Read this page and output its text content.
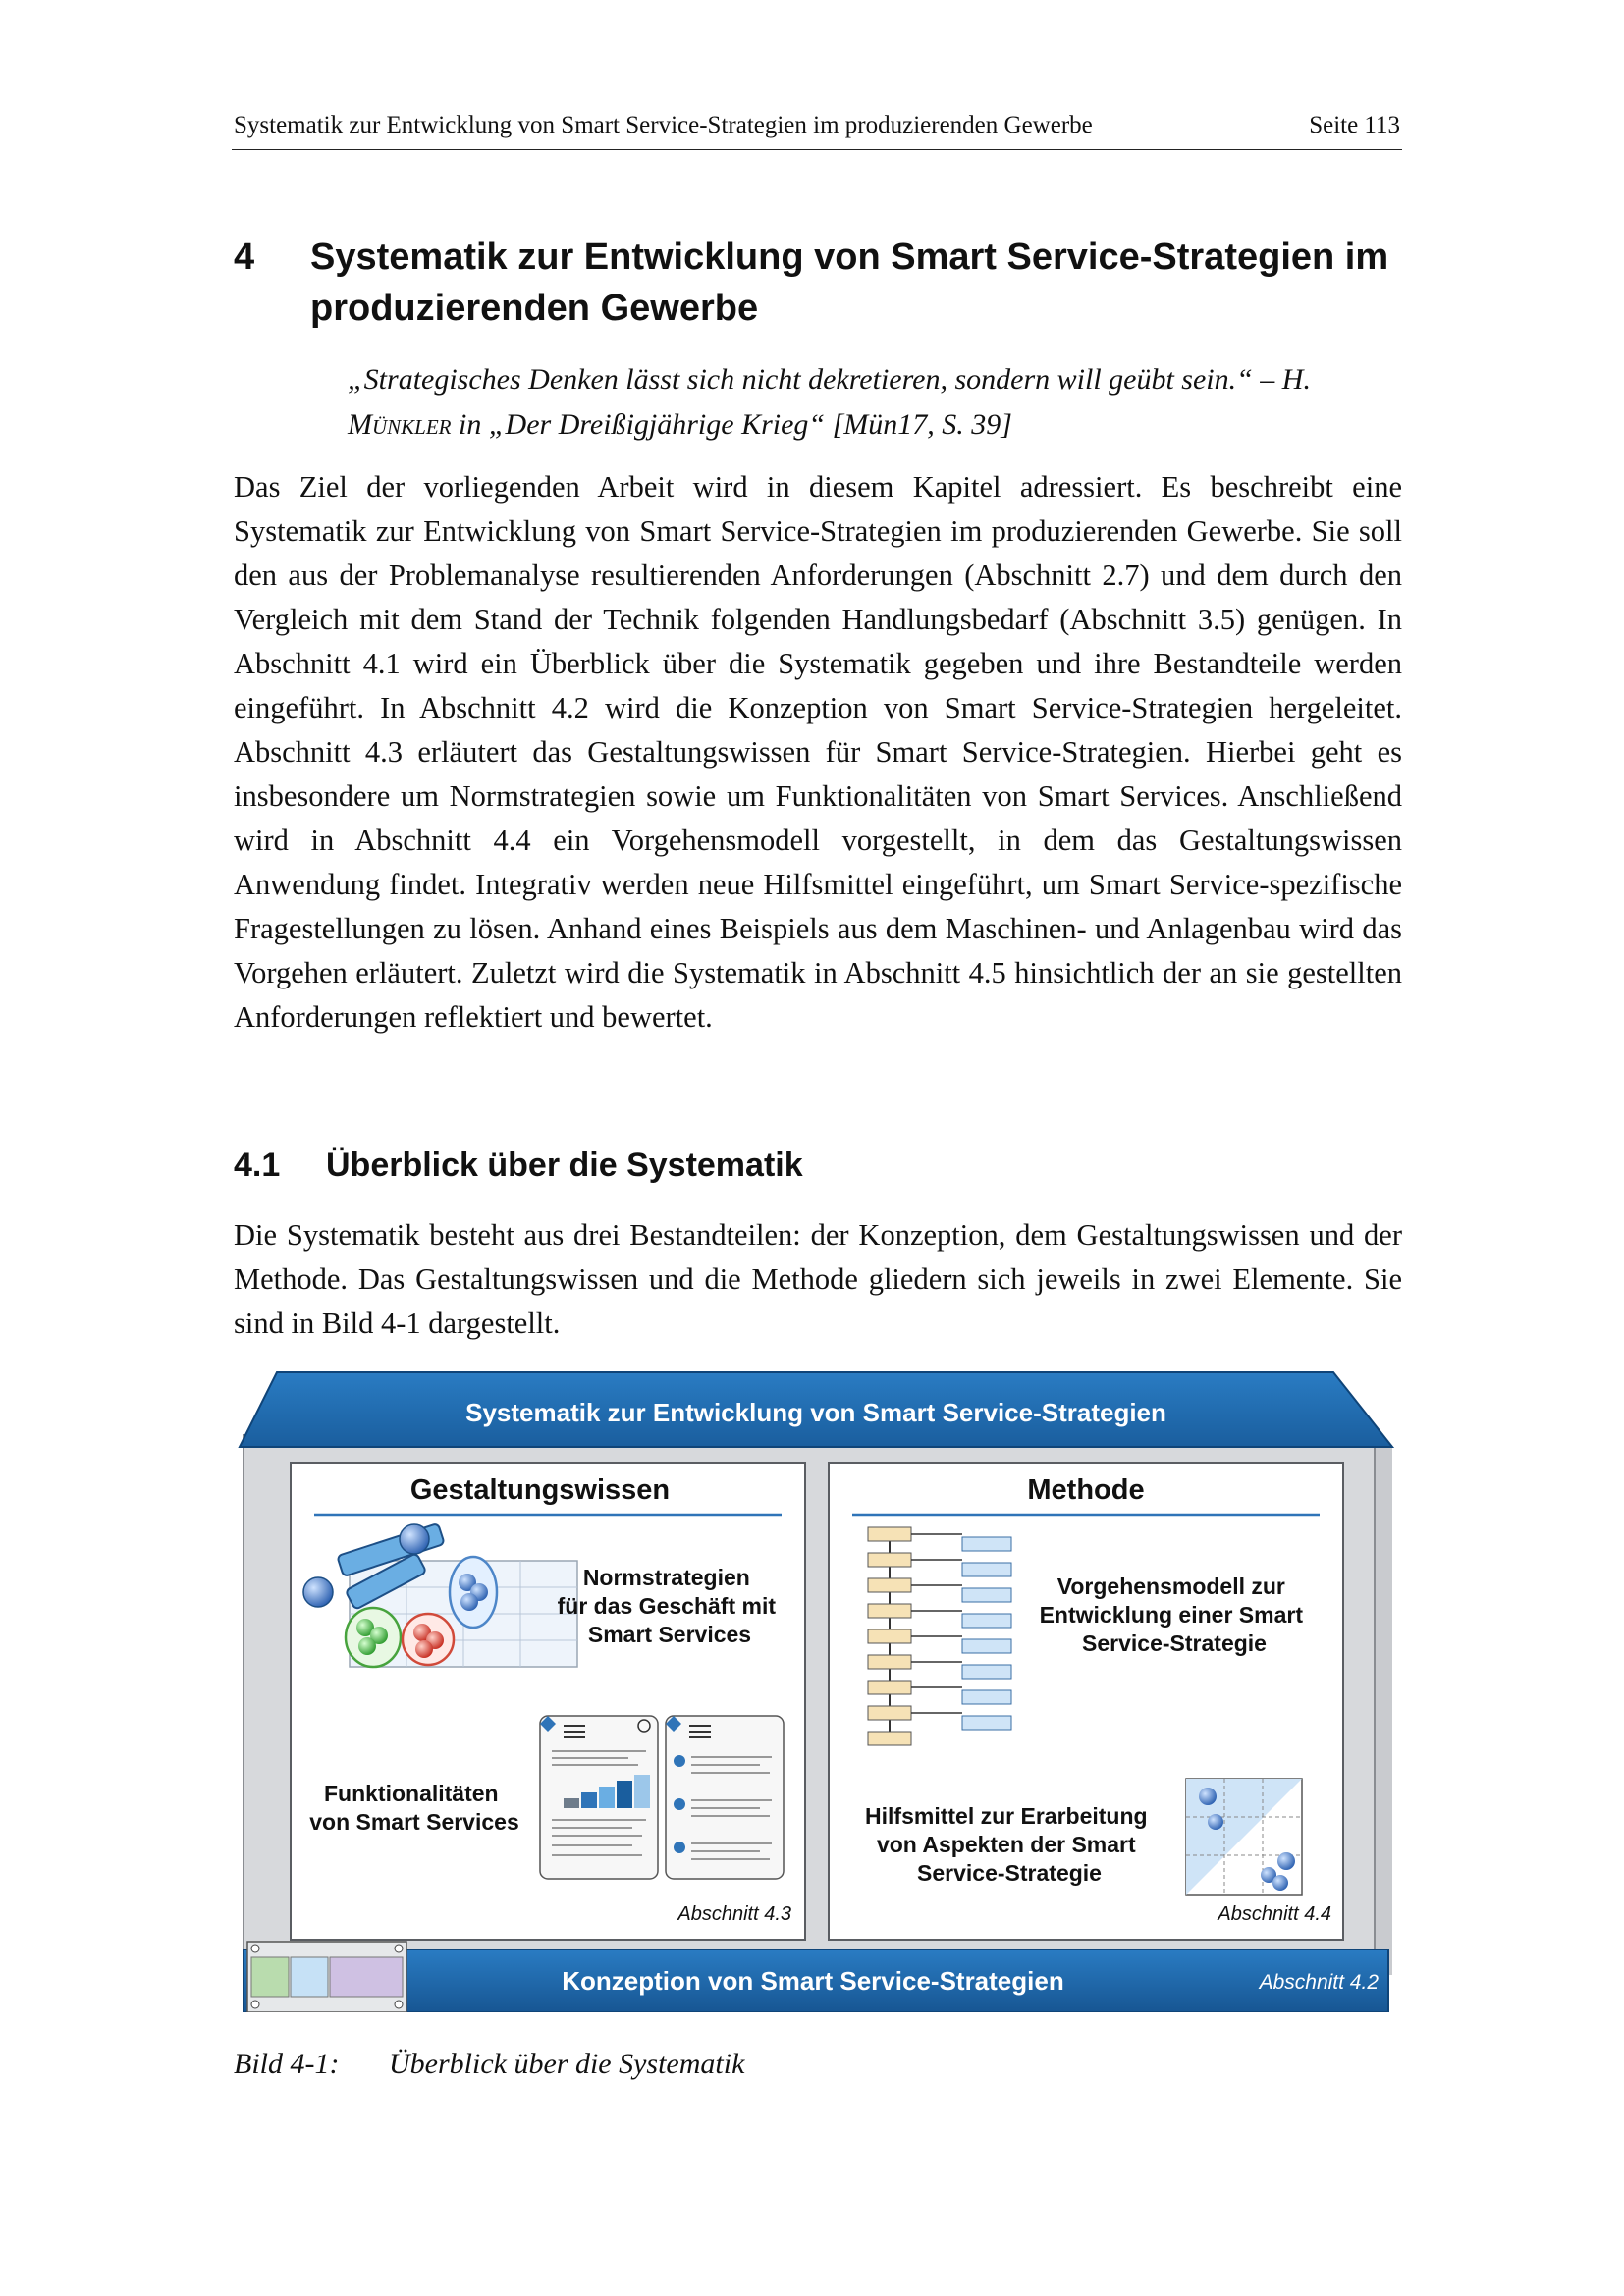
Systematik zur Entwicklung von Smart Service-Strategien im produzierenden Gewerbe	Seite 113
4 Systematik zur Entwicklung von Smart Service-Strategien im produzierenden Gewerbe
„Strategisches Denken lässt sich nicht dekretieren, sondern will geübt sein.“ – H. Münkler in „Der Dreißigjährige Krieg“ [Mün17, S. 39]

Das Ziel der vorliegenden Arbeit wird in diesem Kapitel adressiert. Es beschreibt eine Systematik zur Entwicklung von Smart Service-Strategien im produzierenden Gewerbe. Sie soll den aus der Problemanalyse resultierenden Anforderungen (Abschnitt 2.7) und dem durch den Vergleich mit dem Stand der Technik folgenden Handlungsbedarf (Abschnitt 3.5) genügen. In Abschnitt 4.1 wird ein Überblick über die Systematik gegeben und ihre Bestandteile werden eingeführt. In Abschnitt 4.2 wird die Konzeption von Smart Service-Strategien hergeleitet. Abschnitt 4.3 erläutert das Gestaltungswissen für Smart Service-Strategien. Hierbei geht es insbesondere um Normstrategien sowie um Funktionalitäten von Smart Services. Anschließend wird in Abschnitt 4.4 ein Vorgehensmodell vorgestellt, in dem das Gestaltungswissen Anwendung findet. Integrativ werden neue Hilfsmittel eingeführt, um Smart Service-spezifische Fragestellungen zu lösen. Anhand eines Beispiels aus dem Maschinen- und Anlagenbau wird das Vorgehen erläutert. Zuletzt wird die Systematik in Abschnitt 4.5 hinsichtlich der an sie gestellten Anforderungen reflektiert und bewertet.

4.1 Überblick über die Systematik

Die Systematik besteht aus drei Bestandteilen: der Konzeption, dem Gestaltungswissen und der Methode. Das Gestaltungswissen und die Methode gliedern sich jeweils in zwei Elemente. Sie sind in Bild 4-1 dargestellt.

Systematik zur Entwicklung von Smart Service-Strategien
Gestaltungswissen
Normstrategien für das Geschäft mit Smart Services
Funktionalitäten von Smart Services
Abschnitt 4.3
Methode
Vorgehensmodell zur Entwicklung einer Smart Service-Strategie
Hilfsmittel zur Erarbeitung von Aspekten der Smart Service-Strategie
Abschnitt 4.4
Konzeption von Smart Service-Strategien	Abschnitt 4.2
Bild 4-1: Überblick über die Systematik
